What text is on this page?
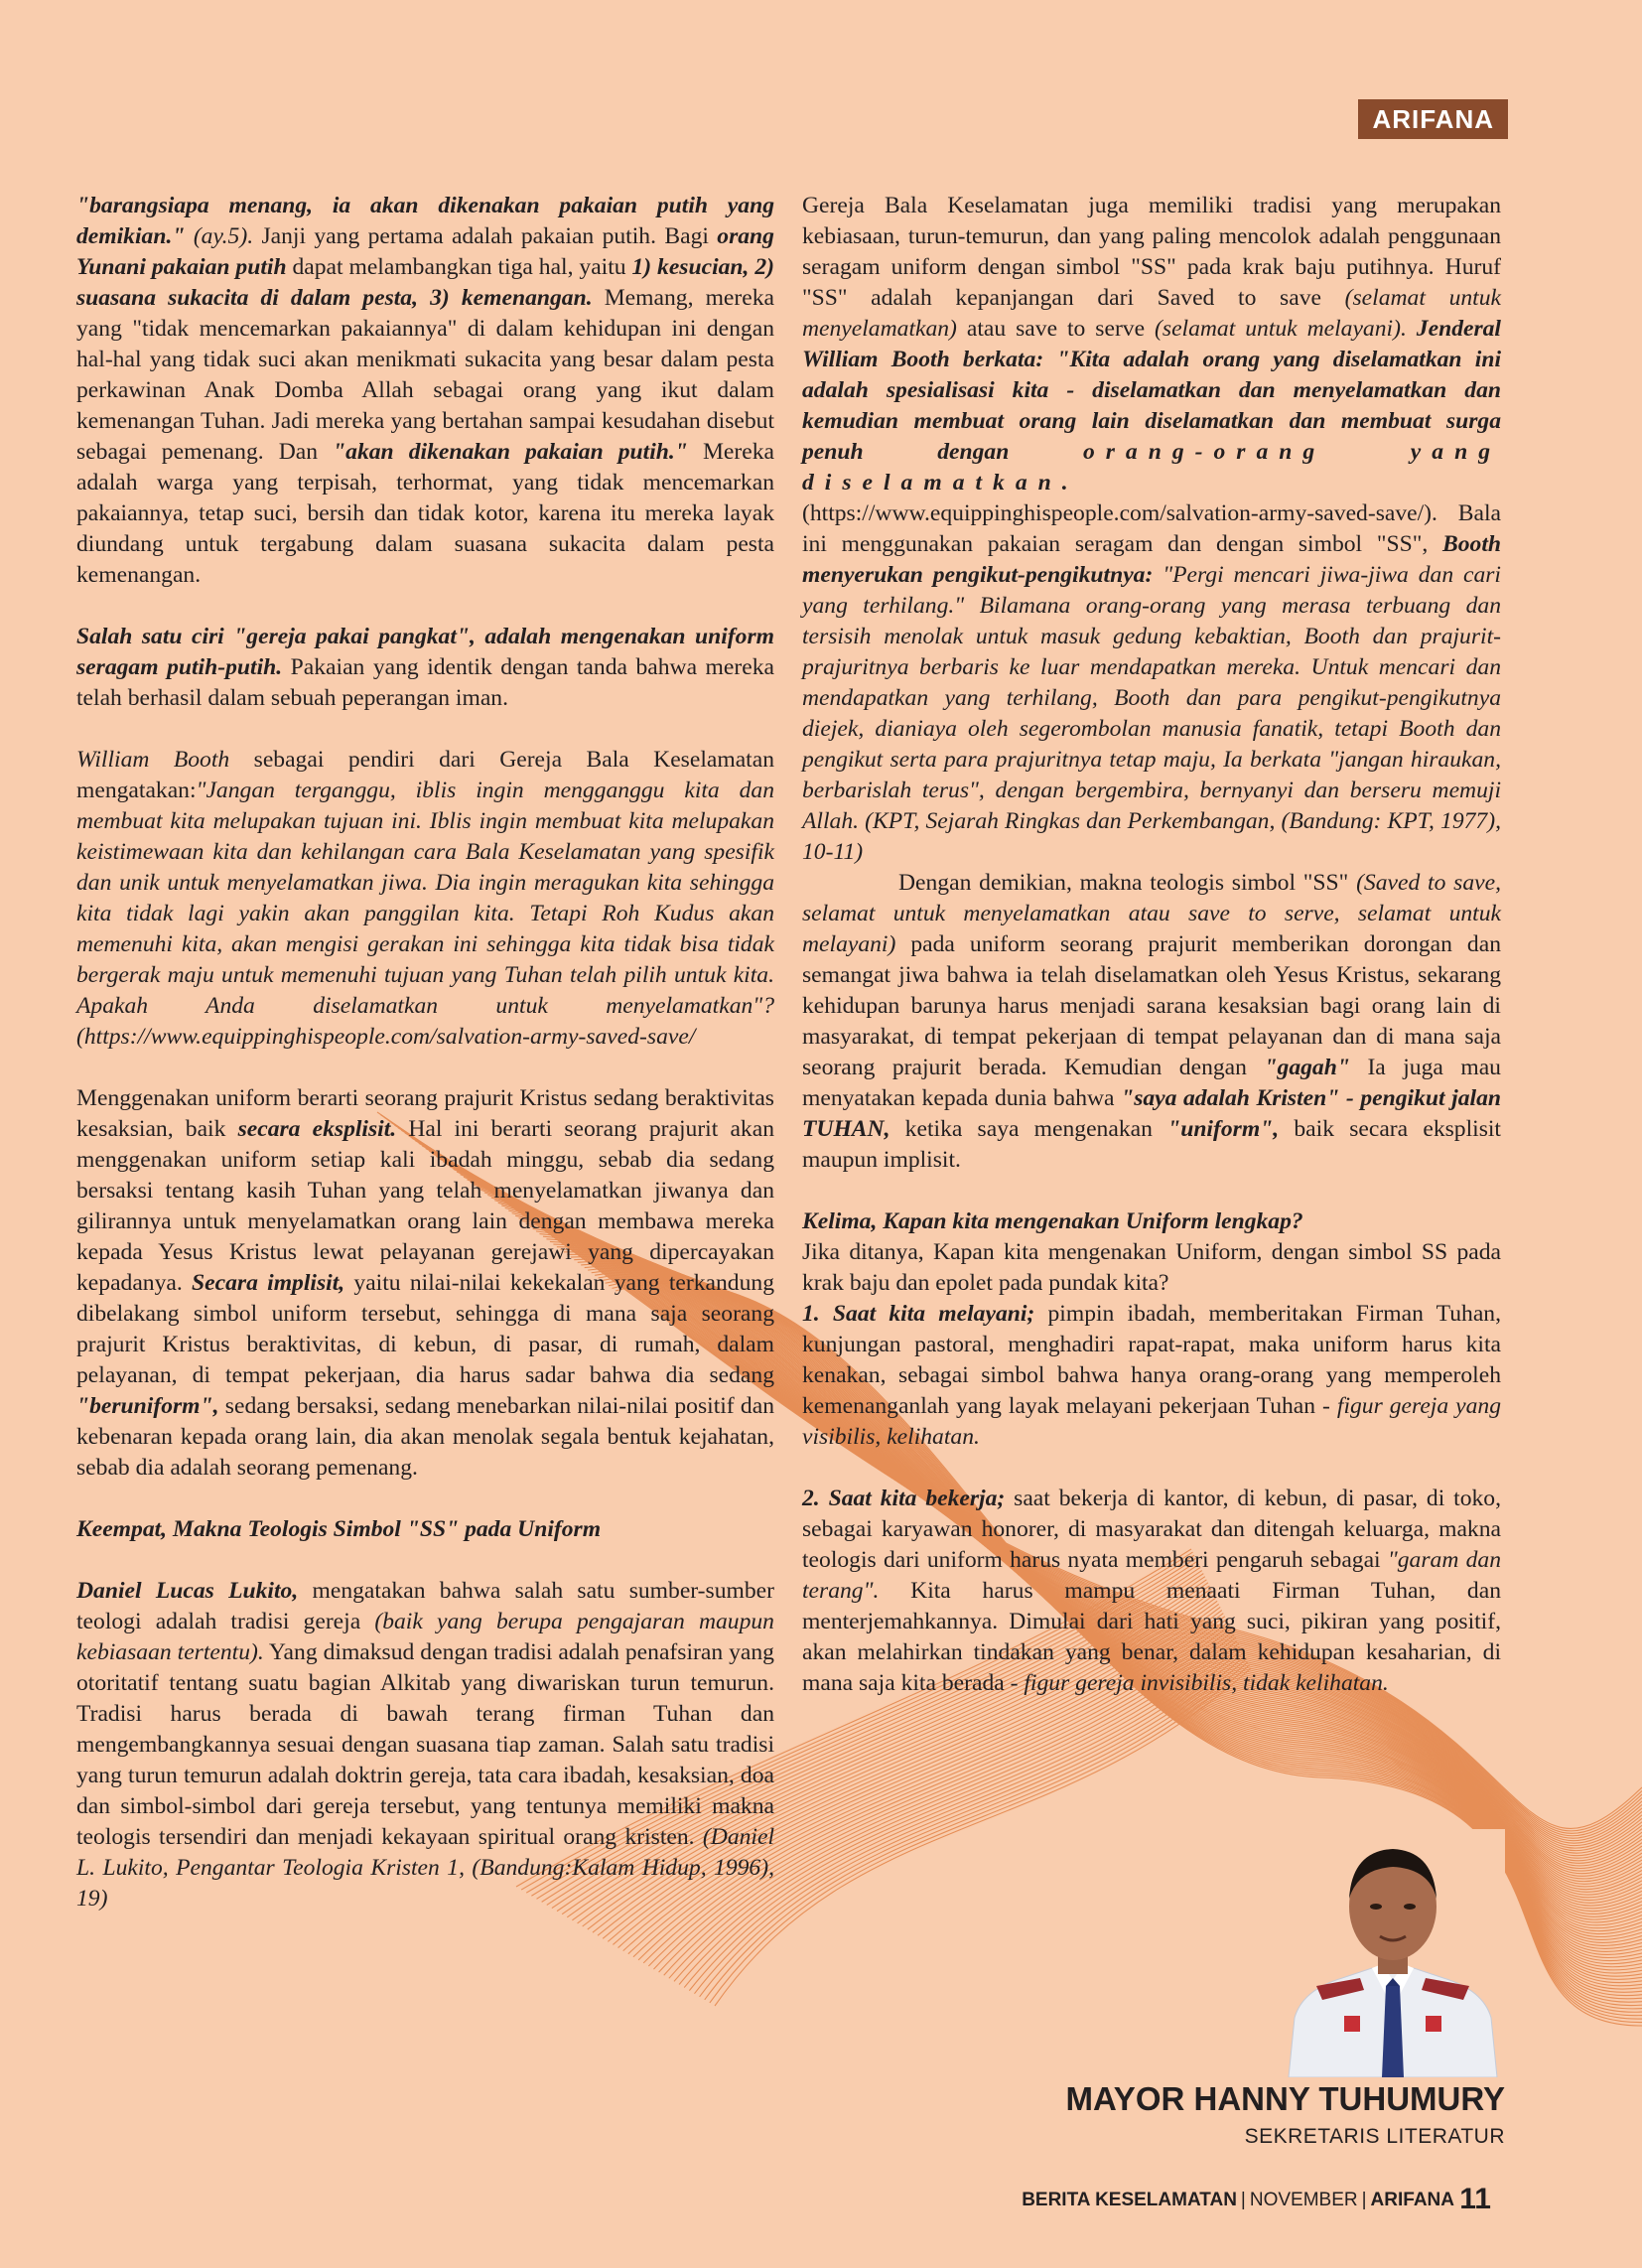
ARIFANA

"barangsiapa menang, ia akan dikenakan pakaian putih yang demikian." (ay.5). Janji yang pertama adalah pakaian putih. Bagi orang Yunani pakaian putih dapat melambangkan tiga hal, yaitu 1) kesucian, 2) suasana sukacita di dalam pesta, 3) kemenangan. Memang, mereka yang "tidak mencemarkan pakaiannya" di dalam kehidupan ini dengan hal-hal yang tidak suci akan menikmati sukacita yang besar dalam pesta perkawinan Anak Domba Allah sebagai orang yang ikut dalam kemenangan Tuhan. Jadi mereka yang bertahan sampai kesudahan disebut sebagai pemenang. Dan "akan dikenakan pakaian putih." Mereka adalah warga yang terpisah, terhormat, yang tidak mencemarkan pakaiannya, tetap suci, bersih dan tidak kotor, karena itu mereka layak diundang untuk tergabung dalam suasana sukacita dalam pesta kemenangan.

Salah satu ciri "gereja pakai pangkat", adalah mengenakan uniform seragam putih-putih. Pakaian yang identik dengan tanda bahwa mereka telah berhasil dalam sebuah peperangan iman.

William Booth sebagai pendiri dari Gereja Bala Keselamatan mengatakan:"Jangan terganggu, iblis ingin mengganggu kita dan membuat kita melupakan tujuan ini. Iblis ingin membuat kita melupakan keistimewaan kita dan kehilangan cara Bala Keselamatan yang spesifik dan unik untuk menyelamatkan jiwa. Dia ingin meragukan kita sehingga kita tidak lagi yakin akan panggilan kita. Tetapi Roh Kudus akan memenuhi kita, akan mengisi gerakan ini sehingga kita tidak bisa tidak bergerak maju untuk memenuhi tujuan yang Tuhan telah pilih untuk kita. Apakah Anda diselamatkan untuk menyelamatkan"? (https://www.equippinghispeople.com/salvation-army-saved-save/

Menggenakan uniform berarti seorang prajurit Kristus sedang beraktivitas kesaksian, baik secara eksplisit. Hal ini berarti seorang prajurit akan menggenakan uniform setiap kali ibadah minggu, sebab dia sedang bersaksi tentang kasih Tuhan yang telah menyelamatkan jiwanya dan gilirannya untuk menyelamatkan orang lain dengan membawa mereka kepada Yesus Kristus lewat pelayanan gerejawi yang dipercayakan kepadanya. Secara implisit, yaitu nilai-nilai kekekalan yang terkandung dibelakang simbol uniform tersebut, sehingga di mana saja seorang prajurit Kristus beraktivitas, di kebun, di pasar, di rumah, dalam pelayanan, di tempat pekerjaan, dia harus sadar bahwa dia sedang "beruniform", sedang bersaksi, sedang menebarkan nilai-nilai positif dan kebenaran kepada orang lain, dia akan menolak segala bentuk kejahatan, sebab dia adalah seorang pemenang.

Keempat, Makna Teologis Simbol "SS" pada Uniform

Daniel Lucas Lukito, mengatakan bahwa salah satu sumber-sumber teologi adalah tradisi gereja (baik yang berupa pengajaran maupun kebiasaan tertentu). Yang dimaksud dengan tradisi adalah penafsiran yang otoritatif tentang suatu bagian Alkitab yang diwariskan turun temurun. Tradisi harus berada di bawah terang firman Tuhan dan mengembangkannya sesuai dengan suasana tiap zaman. Salah satu tradisi yang turun temurun adalah doktrin gereja, tata cara ibadah, kesaksian, doa dan simbol-simbol dari gereja tersebut, yang tentunya memiliki makna teologis tersendiri dan menjadi kekayaan spiritual orang kristen. (Daniel L. Lukito, Pengantar Teologia Kristen 1, (Bandung:Kalam Hidup, 1996), 19)

Gereja Bala Keselamatan juga memiliki tradisi yang merupakan kebiasaan, turun-temurun, dan yang paling mencolok adalah penggunaan seragam uniform dengan simbol "SS" pada krak baju putihnya. Huruf "SS" adalah kepanjangan dari Saved to save (selamat untuk menyelamatkan) atau save to serve (selamat untuk melayani). Jenderal William Booth berkata: "Kita adalah orang yang diselamatkan ini adalah spesialisasi kita - diselamatkan dan menyelamatkan dan kemudian membuat orang lain diselamatkan dan membuat surga penuh dengan	orang-orang yang diselamatkan. (https://www.equippinghispeople.com/salvation-army-saved-save/). Bala ini menggunakan pakaian seragam dan dengan simbol "SS", Booth menyerukan pengikut-pengikutnya: "Pergi mencari jiwa-jiwa dan cari yang terhilang." Bilamana orang-orang yang merasa terbuang dan tersisih menolak untuk masuk gedung kebaktian, Booth dan prajurit-prajuritnya berbaris ke luar mendapatkan mereka. Untuk mencari dan mendapatkan yang terhilang, Booth dan para pengikut-pengikutnya diejek, dianiaya oleh segerombolan manusia fanatik, tetapi Booth dan pengikut serta para prajuritnya tetap maju, Ia berkata "jangan hiraukan, berbarislah terus", dengan bergembira, bernyanyi dan berseru memuji Allah. (KPT, Sejarah Ringkas dan Perkembangan, (Bandung: KPT, 1977), 10-11)

Dengan demikian, makna teologis simbol "SS" (Saved to save, selamat untuk menyelamatkan atau save to serve, selamat untuk melayani) pada uniform seorang prajurit memberikan dorongan dan semangat jiwa bahwa ia telah diselamatkan oleh Yesus Kristus, sekarang kehidupan barunya harus menjadi sarana kesaksian bagi orang lain di masyarakat, di tempat pekerjaan di tempat pelayanan dan di mana saja seorang prajurit berada. Kemudian dengan "gagah" Ia juga mau menyatakan kepada dunia bahwa "saya adalah Kristen" - pengikut jalan TUHAN, ketika saya mengenakan "uniform", baik secara eksplisit maupun implisit.

Kelima, Kapan kita mengenakan Uniform lengkap?

Jika ditanya, Kapan kita mengenakan Uniform, dengan simbol SS pada krak baju dan epolet pada pundak kita?

1. Saat kita melayani; pimpin ibadah, memberitakan Firman Tuhan, kunjungan pastoral, menghadiri rapat-rapat, maka uniform harus kita kenakan, sebagai simbol bahwa hanya orang-orang yang memperoleh kemenanganlah yang layak melayani pekerjaan Tuhan - figur gereja yang visibilis, kelihatan.

2. Saat kita bekerja; saat bekerja di kantor, di kebun, di pasar, di toko, sebagai karyawan honorer, di masyarakat dan ditengah keluarga, makna teologis dari uniform harus nyata memberi pengaruh sebagai "garam dan terang". Kita harus mampu menaati Firman Tuhan, dan menterjemahkannya. Dimulai dari hati yang suci, pikiran yang positif, akan melahirkan tindakan yang benar, dalam kehidupan kesaharian, di mana saja kita berada - figur gereja invisibilis, tidak kelihatan.

MAYOR HANNY TUHUMURY
SEKRETARIS LITERATUR
BERITA KESELAMATAN | NOVEMBER | ARIFANA 11
